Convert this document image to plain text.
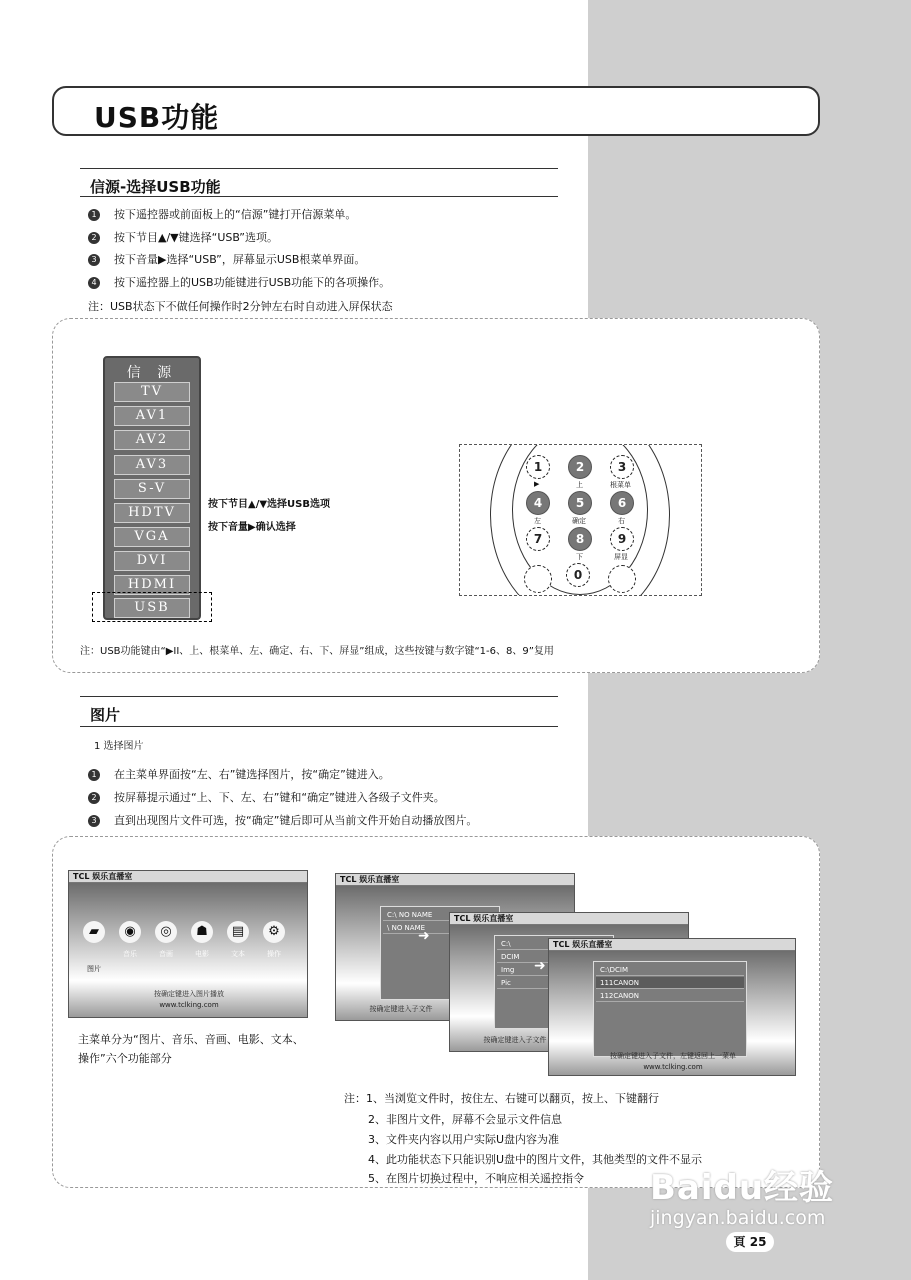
USB功能
信源-选择USB功能
1 按下遥控器或前面板上的“信源”键打开信源菜单。
2 按下节目▲/▼键选择“USB”选项。
3 按下音量▶选择“USB”，屏幕显示USB根菜单界面。
4 按下遥控器上的USB功能键进行USB功能下的各项操作。
注：USB状态下不做任何操作时2分钟左右时自动进入屏保状态
信 源
TV
AV1
AV2
AV3
S-V
HDTV
VGA
DVI
HDMI
USB
按下节目▲/▼选择USB选项
按下音量▶确认选择
1	2	3
▶	上	根菜单
4	5	6
左	确定	右
7	8	9
下	屏显
0
注：USB功能键由“▶II、上、根菜单、左、确定、右、下、屏显”组成，这些按键与数字键“1-6、8、9”复用
图片
1 选择图片
1 在主菜单界面按“左、右”键选择图片，按“确定”键进入。
2 按屏幕提示通过“上、下、左、右”键和“确定”键进入各级子文件夹。
3 直到出现图片文件可选，按“确定”键后即可从当前文件开始自动播放图片。
TCL 娱乐直播室
▰	◉	◎	☗	▤	⚙
图片
音乐	音画	电影	文本	操作
按确定键进入图片播放
www.tclking.com
主菜单分为“图片、音乐、音画、电影、文本、操作”六个功能部分
TCL 娱乐直播室
C:\ NO NAME
\ NO NAME
按确定键进入子文件
➜
TCL 娱乐直播室
C:\
DCIM
Img
Pic
按确定键进入子文件
➜
TCL 娱乐直播室
C:\DCIM
111CANON
112CANON
按确定键进入子文件，左键返回上一菜单
www.tclking.com
注：1、当浏览文件时，按住左、右键可以翻页，按上、下键翻行
2、非图片文件，屏幕不会显示文件信息
3、文件夹内容以用户实际U盘内容为准
4、此功能状态下只能识别U盘中的图片文件，其他类型的文件不显示
5、在图片切换过程中，不响应相关遥控指令 Baidu经验
jingyan.baidu.com
頁 25
